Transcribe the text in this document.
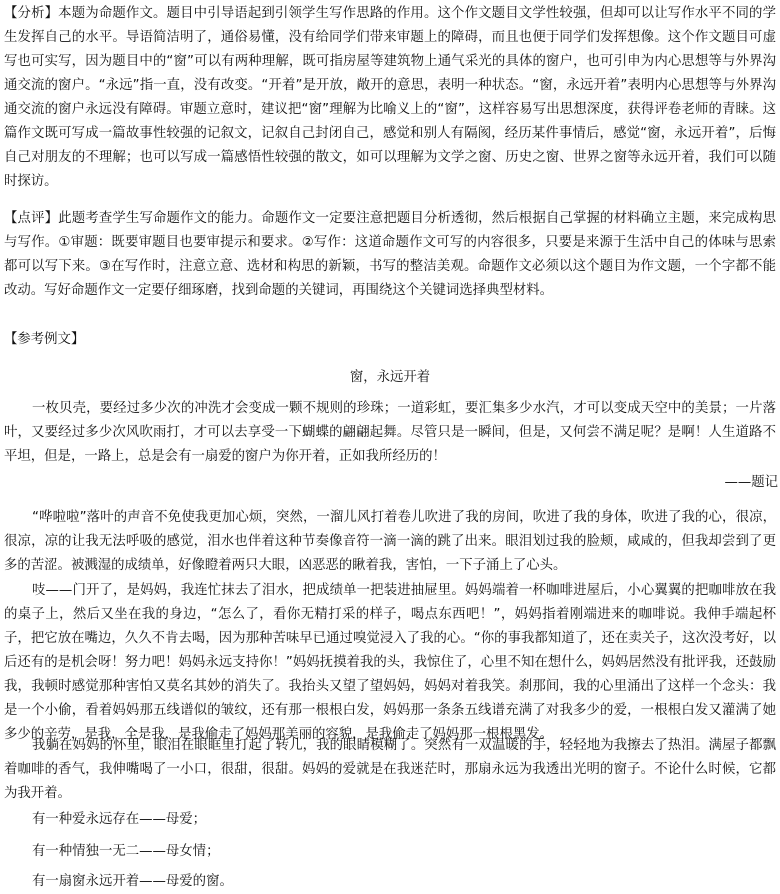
【分析】本题为命题作文。题目中引导语起到引领学生写作思路的作用。这个作文题目文学性较强，但却可以让写作水平不同的学生发挥自己的水平。导语简洁明了，通俗易懂，没有给同学们带来审题上的障碍，而且也便于同学们发挥想像。这个作文题目可虚写也可实写，因为题目中的“窗”可以有两种理解，既可指房屋等建筑物上通气采光的具体的窗户，也可引申为内心思想等与外界沟通交流的窗户。“永远”指一直，没有改变。“开着”是开放，敞开的意思，表明一种状态。“窗，永远开着”表明内心思想等与外界沟通交流的窗户永远没有障碍。审题立意时，建议把“窗”理解为比喻义上的“窗”，这样容易写出思想深度，获得评卷老师的青睐。这篇作文既可写成一篇故事性较强的记叙文，记叙自己封闭自己，感觉和别人有隔阂，经历某件事情后，感觉“窗，永远开着”，后悔自己对朋友的不理解；也可以写成一篇感悟性较强的散文，如可以理解为文学之窗、历史之窗、世界之窗等永远开着，我们可以随时探访。

【点评】此题考查学生写命题作文的能力。命题作文一定要注意把题目分析透彻，然后根据自己掌握的材料确立主题，来完成构思与写作。①审题：既要审题目也要审提示和要求。②写作：这道命题作文可写的内容很多，只要是来源于生活中自己的体味与思索都可以写下来。③在写作时，注意立意、选材和构思的新颖，书写的整洁美观。命题作文必须以这个题目为作文题，一个字都不能改动。写好命题作文一定要仔细琢磨，找到命题的关键词，再围绕这个关键词选择典型材料。

【参考例文】

窗，永远开着

一枚贝壳，要经过多少次的冲洗才会变成一颗不规则的珍珠；一道彩虹，要汇集多少水汽，才可以变成天空中的美景；一片落叶，又要经过多少次风吹雨打，才可以去享受一下蝴蝶的翩翩起舞。尽管只是一瞬间，但是，又何尝不满足呢？是啊！人生道路不平坦，但是，一路上，总是会有一扇爱的窗户为你开着，正如我所经历的！

——题记

“哗啦啦”落叶的声音不免使我更加心烦，突然，一溜儿风打着卷儿吹进了我的房间，吹进了我的身体，吹进了我的心，很凉，很凉，凉的让我无法呼吸的感觉，泪水也伴着这种节奏像音符一滴一滴的跳了出来。眼泪划过我的脸颊，咸咸的，但我却尝到了更多的苦涩。被溅湿的成绩单，好像瞪着两只大眼，凶恶恶的瞅着我，害怕，一下子涌上了心头。

吱——门开了，是妈妈，我连忙抹去了泪水，把成绩单一把装进抽屉里。妈妈端着一杯咖啡进屋后，小心翼翼的把咖啡放在我的桌子上，然后又坐在我的身边，“怎么了，看你无精打采的样子，喝点东西吧！”，妈妈指着刚端进来的咖啡说。我伸手端起杯子，把它放在嘴边，久久不肯去喝，因为那种苦味早已通过嗅觉浸入了我的心。“你的事我都知道了，还在卖关子，这次没考好，以后还有的是机会呀！努力吧！妈妈永远支持你！”妈妈抚摸着我的头，我惊住了，心里不知在想什么，妈妈居然没有批评我，还鼓励我，我顿时感觉那种害怕又莫名其妙的消失了。我抬头又望了望妈妈，妈妈对着我笑。刹那间，我的心里涌出了这样一个念头：我是一个小偷，看着妈妈那五线谱似的皱纹，还有那一根根白发，妈妈那一条条五线谱充满了对我多少的爱，一根根白发又灌满了她多少的辛劳，是我，全是我，是我偷走了妈妈那美丽的容貌，是我偷走了妈妈那一根根黑发。

我躺在妈妈的怀里，眼泪在眼眶里打起了转儿，我的眼睛模糊了。突然有一双温暖的手，轻轻地为我擦去了热泪。满屋子都飘着咖啡的香气，我伸嘴喝了一小口，很甜，很甜。妈妈的爱就是在我迷茫时，那扇永远为我透出光明的窗子。不论什么时候，它都为我开着。

有一种爱永远存在——母爱；

有一种情独一无二——母女情；

有一扇窗永远开着——母爱的窗。
